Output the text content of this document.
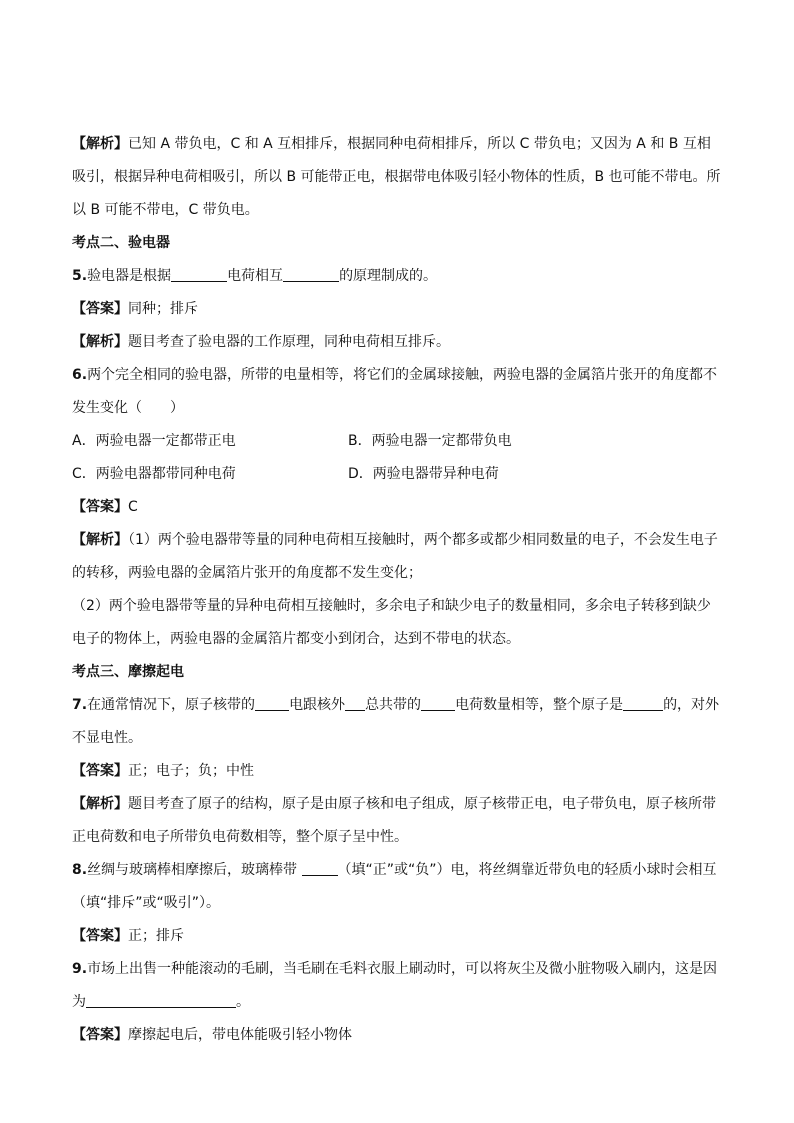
【解析】已知 A 带负电，C 和 A 互相排斥，根据同种电荷相排斥，所以 C 带负电；又因为 A 和 B 互相吸引，根据异种电荷相吸引，所以 B 可能带正电，根据带电体吸引轻小物体的性质，B 也可能不带电。所以 B 可能不带电，C 带负电。

考点二、验电器

5.验电器是根据	电荷相互	的原理制成的。

【答案】同种；排斥

【解析】题目考查了验电器的工作原理，同种电荷相互排斥。

6.两个完全相同的验电器，所带的电量相等，将它们的金属球接触，两验电器的金属箔片张开的角度都不发生变化（　　）

A．两验电器一定都带正电	B．两验电器一定都带负电
C．两验电器都带同种电荷	D．两验电器带异种电荷

【答案】C

【解析】（1）两个验电器带等量的同种电荷相互接触时，两个都多或都少相同数量的电子，不会发生电子的转移，两验电器的金属箔片张开的角度都不发生变化；

（2）两个验电器带等量的异种电荷相互接触时，多余电子和缺少电子的数量相同，多余电子转移到缺少电子的物体上，两验电器的金属箔片都变小到闭合，达到不带电的状态。

考点三、摩擦起电

7.在通常情况下，原子核带的 电跟核外 总共带的 电荷数量相等，整个原子是	的，对外不显电性。

【答案】正；电子；负；中性

【解析】题目考查了原子的结构，原子是由原子核和电子组成，原子核带正电，电子带负电，原子核所带正电荷数和电子所带负电荷数相等，整个原子呈中性。

8.丝绸与玻璃棒相摩擦后，玻璃棒带	（填“正”或“负”）电，将丝绸靠近带负电的轻质小球时会相互（填“排斥”或“吸引”）。

【答案】正；排斥

9.市场上出售一种能滚动的毛刷，当毛刷在毛料衣服上刷动时，可以将灰尘及微小脏物吸入刷内，这是因为	。

【答案】摩擦起电后，带电体能吸引轻小物体
